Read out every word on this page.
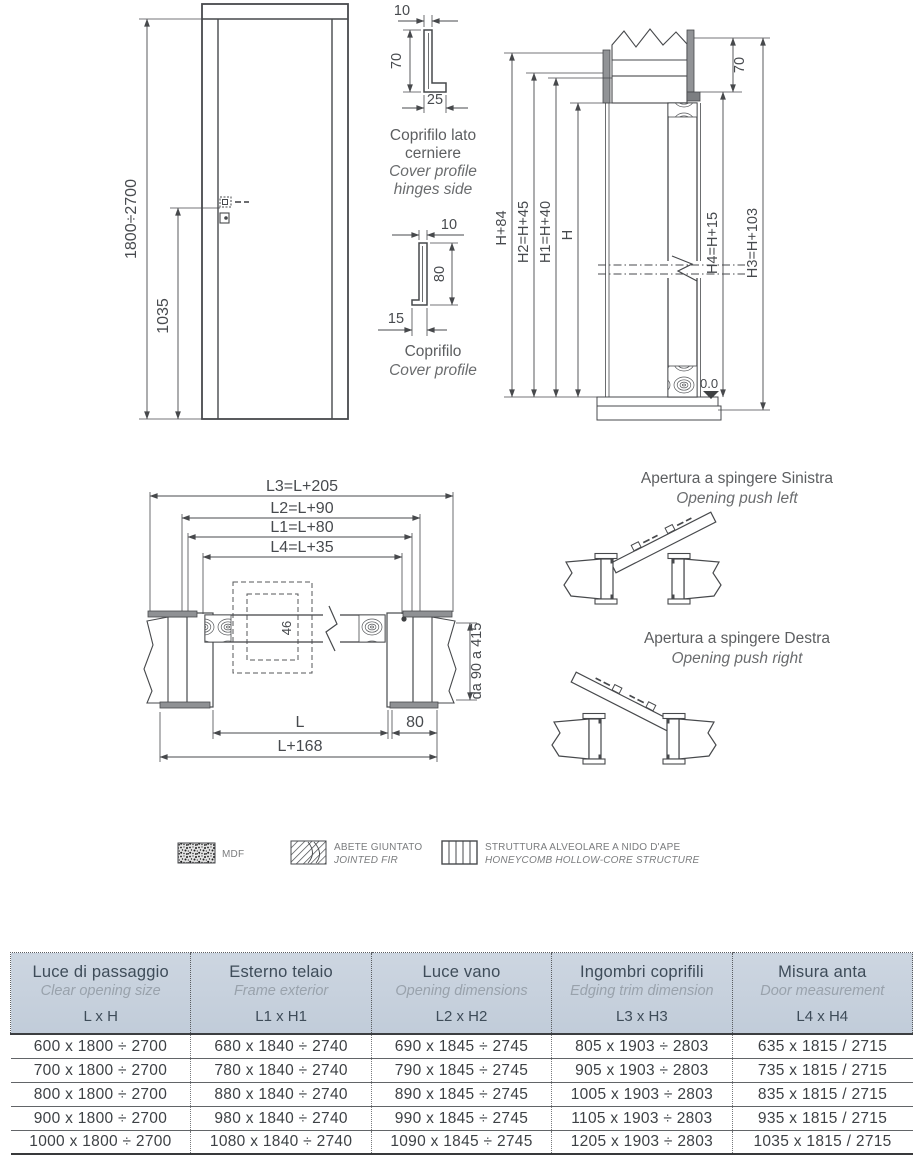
1800÷2700
1035
10
70
25
Coprifilo lato
cerniere
Cover profile
hinges side
10
80
15
Coprifilo
Cover profile
0.0
H+84 H2=H+45 H1=H+40 H
70
H4=H+15 H3=H+103
L3=L+205
L2=L+90
L1=L+80
L4=L+35
46
L	80
L+168
da 90 a 415
Apertura a spingere Sinistra
Opening push left
Apertura a spingere Destra
Opening push right
MDF
ABETE GIUNTATO
JOINTED FIR
STRUTTURA ALVEOLARE A NIDO D'APE
HONEYCOMB HOLLOW-CORE STRUCTURE
Luce di passaggio
Clear opening size
L x H

Esterno telaio
Frame exterior
L1 x H1

Luce vano
Opening dimensions
L2 x H2

Ingombri coprifili
Edging trim dimension
L3 x H3

Misura anta
Door measurement
L4 x H4

600 x 1800 ÷ 2700	680 x 1840 ÷ 2740	690 x 1845 ÷ 2745	805 x 1903 ÷ 2803	635 x 1815 / 2715
700 x 1800 ÷ 2700	780 x 1840 ÷ 2740	790 x 1845 ÷ 2745	905 x 1903 ÷ 2803	735 x 1815 / 2715
800 x 1800 ÷ 2700	880 x 1840 ÷ 2740	890 x 1845 ÷ 2745	1005 x 1903 ÷ 2803	835 x 1815 / 2715
900 x 1800 ÷ 2700	980 x 1840 ÷ 2740	990 x 1845 ÷ 2745	1105 x 1903 ÷ 2803	935 x 1815 / 2715
1000 x 1800 ÷ 2700	1080 x 1840 ÷ 2740	1090 x 1845 ÷ 2745	1205 x 1903 ÷ 2803	1035 x 1815 / 2715
